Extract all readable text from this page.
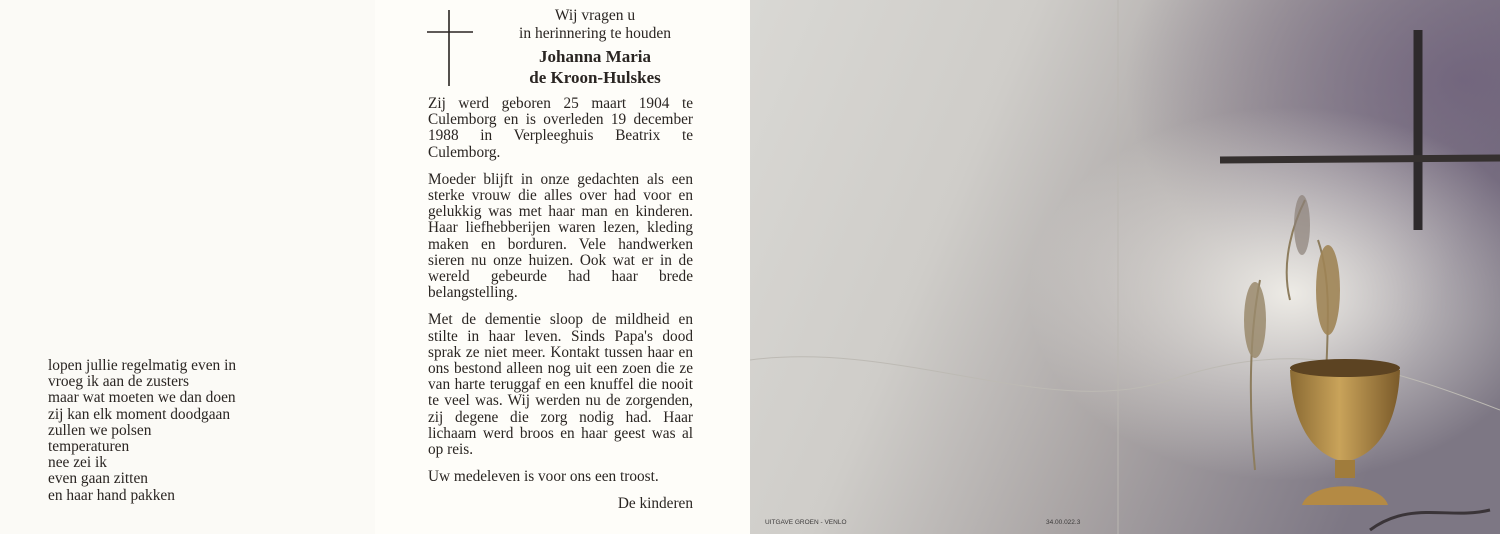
lopen jullie regelmatig even in
vroeg ik aan de zusters
maar wat moeten we dan doen
zij kan elk moment doodgaan
zullen we polsen
temperaturen
nee zei ik
even gaan zitten
en haar hand pakken
Wij vragen u
in herinnering te houden
Johanna Maria
de Kroon-Hulskes

Zij werd geboren 25 maart 1904 te Culemborg en is overleden 19 december 1988 in Verpleeghuis Beatrix te Culemborg.

Moeder blijft in onze gedachten als een sterke vrouw die alles over had voor en gelukkig was met haar man en kinderen. Haar liefhebberijen waren lezen, kleding maken en borduren. Vele handwerken sieren nu onze huizen. Ook wat er in de wereld gebeurde had haar brede belangstelling.

Met de dementie sloop de mildheid en stilte in haar leven. Sinds Papa's dood sprak ze niet meer. Kontakt tussen haar en ons bestond alleen nog uit een zoen die ze van harte teruggaf en een knuffel die nooit te veel was. Wij werden nu de zorgenden, zij degene die zorg nodig had. Haar lichaam werd broos en haar geest was al op reis.

Uw medeleven is voor ons een troost.

De kinderen
UITGAVE GROEN - VENLO	34.00.022.3
